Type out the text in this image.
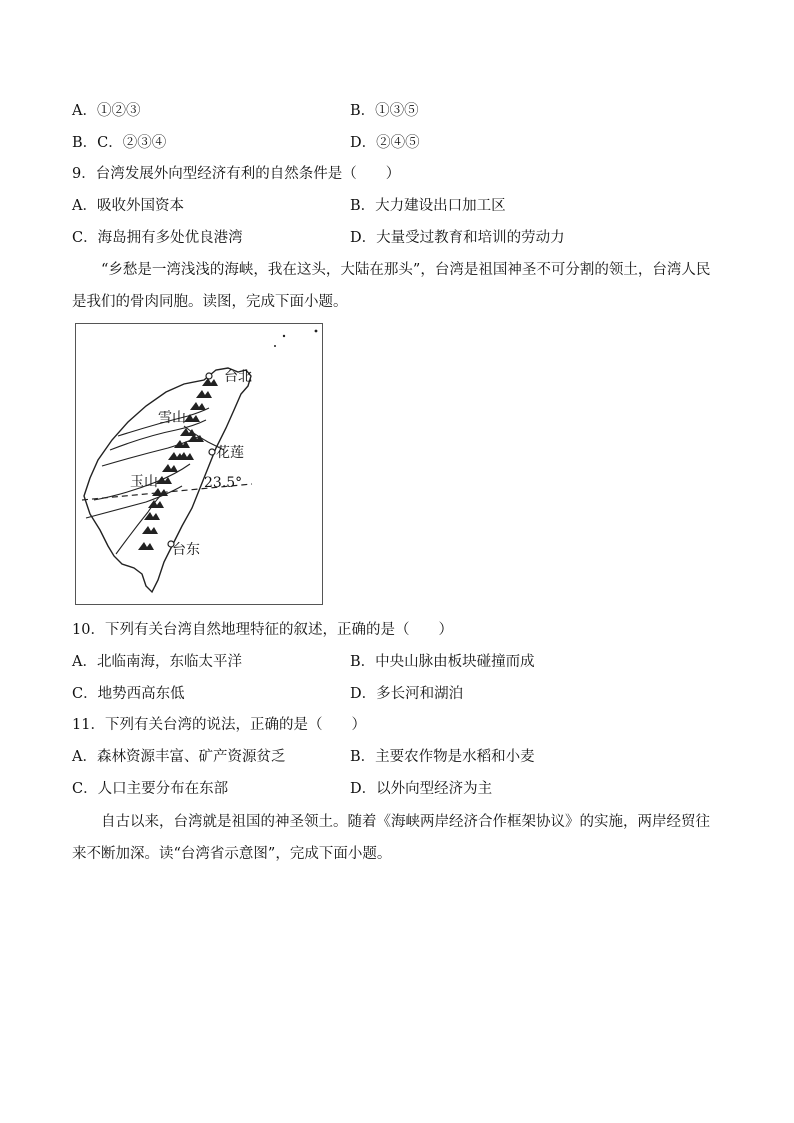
A．①②③	B．①③⑤
B．C．②③④	D．②④⑤
9．台湾发展外向型经济有利的自然条件是（　　）
A．吸收外国资本	B．大力建设出口加工区
C．海岛拥有多处优良港湾	D．大量受过教育和培训的劳动力
“乡愁是一湾浅浅的海峡，我在这头，大陆在那头”，台湾是祖国神圣不可分割的领土，台湾人民是我们的骨肉同胞。读图，完成下面小题。
台北
雪山
花莲
玉山	23.5°
台东
10．下列有关台湾自然地理特征的叙述，正确的是（　　）
A．北临南海，东临太平洋	B．中央山脉由板块碰撞而成
C．地势西高东低	D．多长河和湖泊
11．下列有关台湾的说法，正确的是（　　）
A．森林资源丰富、矿产资源贫乏	B．主要农作物是水稻和小麦
C．人口主要分布在东部	D．以外向型经济为主
自古以来，台湾就是祖国的神圣领土。随着《海峡两岸经济合作框架协议》的实施，两岸经贸往来不断加深。读“台湾省示意图”，完成下面小题。
